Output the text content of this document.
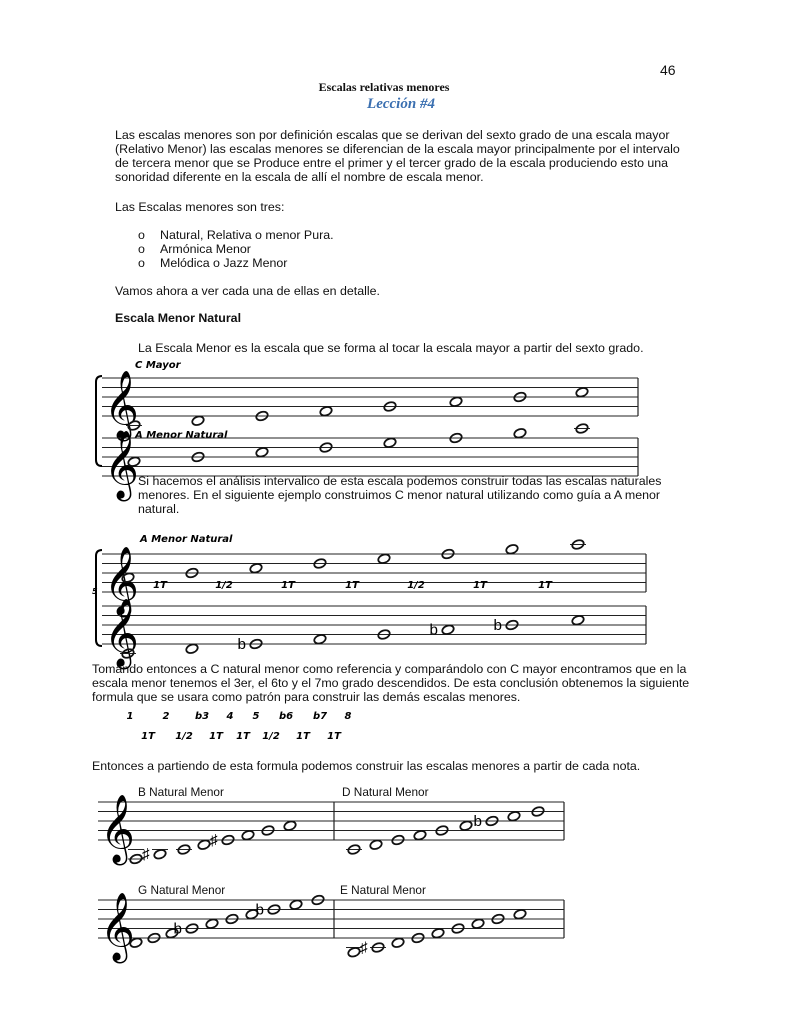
46
Escalas relativas menores
Lección #4
Las escalas menores son por definición escalas que se derivan del sexto grado de una escala mayor (Relativo Menor) las escalas menores se diferencian de la escala mayor principalmente por el intervalo de tercera menor que se Produce entre el primer y el tercer grado de la escala produciendo esto una sonoridad diferente en la escala de allí el nombre de escala menor.
Las Escalas menores son tres:
o Natural, Relativa o menor Pura.
o Armónica Menor
o Melódica o Jazz Menor
Vamos ahora a ver cada una de ellas en detalle.
Escala Menor Natural
La Escala Menor es la escala que se forma al tocar la escala mayor a partir del sexto grado.
C Mayor
A Menor Natural
𝄞
𝄞 Si hacemos el análisis intervalico de esta escala podemos construir todas las escalas naturales menores. En el siguiente ejemplo construimos C menor natural utilizando como guía a A menor natural.
A Menor Natural
5 𝄞 1T	1/2	1T	1T	1/2	1T	1T
𝄞	b
b	b
Tomando entonces a C natural menor como referencia y comparándolo con C mayor encontramos que en la escala menor tenemos el 3er, el 6to y el 7mo grado descendidos. De esta conclusión obtenemos la siguiente formula que se usara como patrón para construir las demás escalas menores.
1	2	b3 4 5 b6 b7 8
1T 1/2 1T 1T 1/2 1T 1T
Entonces a partiendo de esta formula podemos construir las escalas menores a partir de cada nota.
B Natural Menor	D Natural Menor
G Natural Menor	E Natural Menor
𝄞
𝄞
♯
♯
b
b
b
♯
